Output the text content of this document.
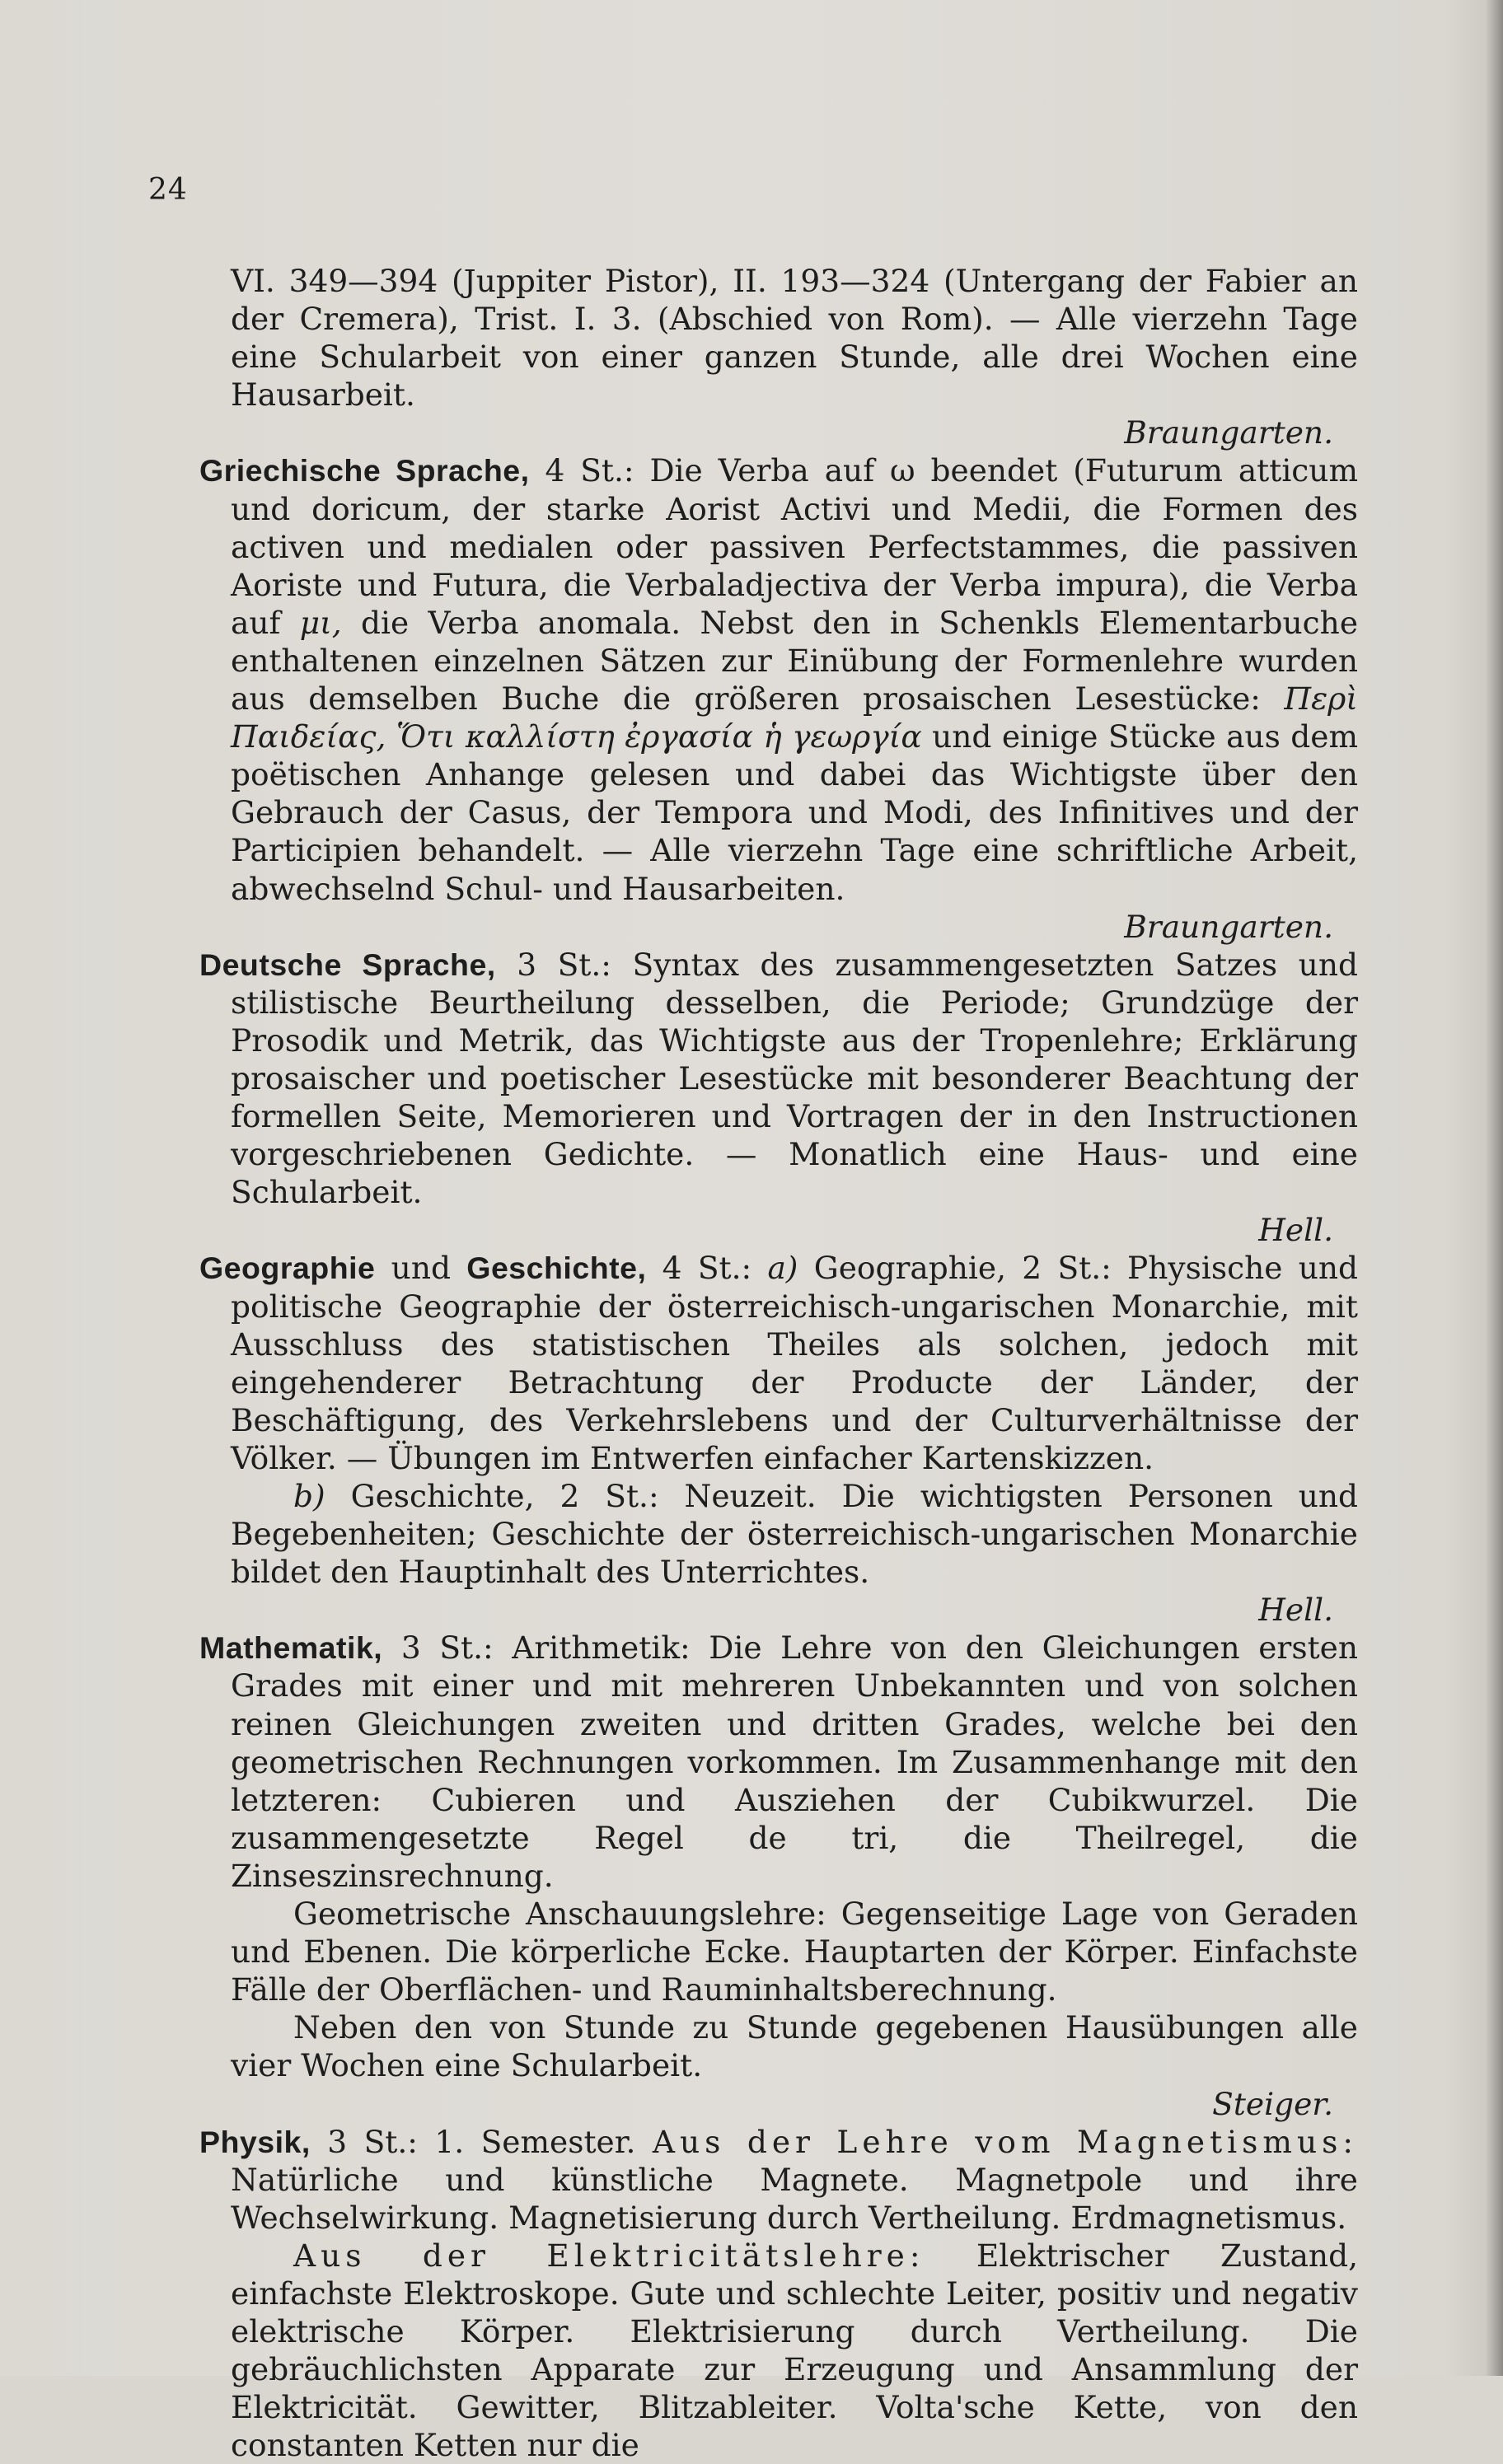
24

VI. 349—394 (Juppiter Pistor), II. 193—324 (Untergang der Fabier an der Cremera), Trist. I. 3. (Abschied von Rom). — Alle vierzehn Tage eine Schularbeit von einer ganzen Stunde, alle drei Wochen eine Hausarbeit.

Braungarten.

Griechische Sprache, 4 St.: Die Verba auf ω beendet (Futurum atticum und doricum, der starke Aorist Activi und Medii, die Formen des activen und medialen oder passiven Perfectstammes, die passiven Aoriste und Futura, die Verbaladjectiva der Verba impura), die Verba auf μι, die Verba anomala. Nebst den in Schenkls Elementarbuche enthaltenen einzelnen Sätzen zur Einübung der Formenlehre wurden aus demselben Buche die größeren prosaischen Lesestücke: Περὶ Παιδείας, Ὅτι καλλίστη ἐργασία ἡ γεωργία und einige Stücke aus dem poëtischen Anhange gelesen und dabei das Wichtigste über den Gebrauch der Casus, der Tempora und Modi, des Infinitives und der Participien behandelt. — Alle vierzehn Tage eine schriftliche Arbeit, abwechselnd Schul- und Hausarbeiten.

Braungarten.

Deutsche Sprache, 3 St.: Syntax des zusammengesetzten Satzes und stilistische Beurtheilung desselben, die Periode; Grundzüge der Prosodik und Metrik, das Wichtigste aus der Tropenlehre; Erklärung prosaischer und poetischer Lesestücke mit besonderer Beachtung der formellen Seite, Memorieren und Vortragen der in den Instructionen vorgeschriebenen Gedichte. — Monatlich eine Haus- und eine Schularbeit.

Hell.

Geographie und Geschichte, 4 St.: a) Geographie, 2 St.: Physische und politische Geographie der österreichisch-ungarischen Monarchie, mit Ausschluss des statistischen Theiles als solchen, jedoch mit eingehenderer Betrachtung der Producte der Länder, der Beschäftigung, des Verkehrslebens und der Culturverhältnisse der Völker. — Übungen im Entwerfen einfacher Kartenskizzen.

b) Geschichte, 2 St.: Neuzeit. Die wichtigsten Personen und Begebenheiten; Geschichte der österreichisch-ungarischen Monarchie bildet den Hauptinhalt des Unterrichtes.

Hell.

Mathematik, 3 St.: Arithmetik: Die Lehre von den Gleichungen ersten Grades mit einer und mit mehreren Unbekannten und von solchen reinen Gleichungen zweiten und dritten Grades, welche bei den geometrischen Rechnungen vorkommen. Im Zusammenhange mit den letzteren: Cubieren und Ausziehen der Cubikwurzel. Die zusammengesetzte Regel de tri, die Theilregel, die Zinseszinsrechnung.

Geometrische Anschauungslehre: Gegenseitige Lage von Geraden und Ebenen. Die körperliche Ecke. Hauptarten der Körper. Einfachste Fälle der Oberflächen- und Rauminhaltsberechnung.

Neben den von Stunde zu Stunde gegebenen Hausübungen alle vier Wochen eine Schularbeit.

Steiger.

Physik, 3 St.: 1. Semester. Aus der Lehre vom Magnetismus: Natürliche und künstliche Magnete. Magnetpole und ihre Wechselwirkung. Magnetisierung durch Vertheilung. Erdmagnetismus.

Aus der Elektricitätslehre: Elektrischer Zustand, einfachste Elektroskope. Gute und schlechte Leiter, positiv und negativ elektrische Körper. Elektrisierung durch Vertheilung. Die gebräuchlichsten Apparate zur Erzeugung und Ansammlung der Elektricität. Gewitter, Blitzableiter. Volta'sche Kette, von den constanten Ketten nur die
